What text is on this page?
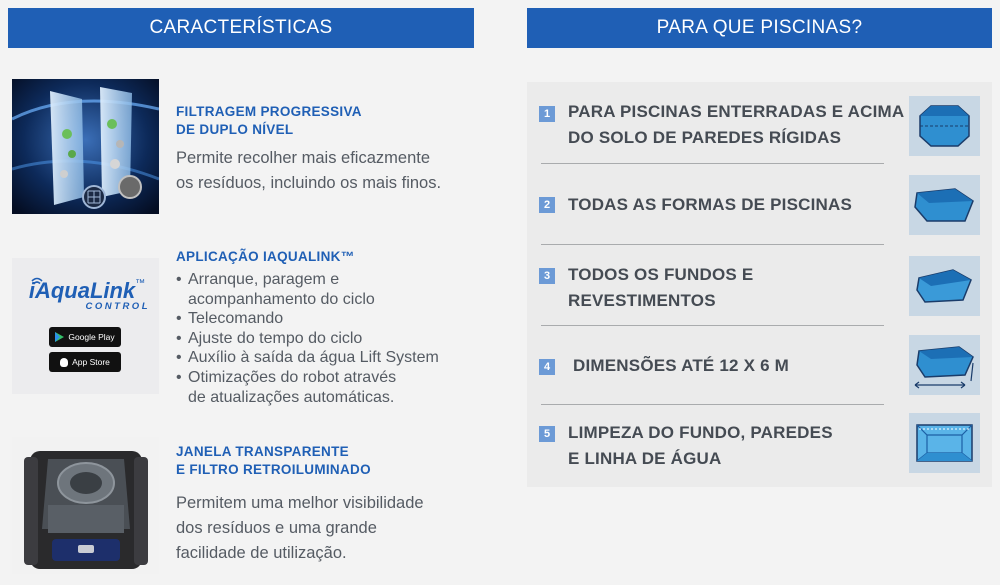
CARACTERÍSTICAS	PARA QUE PISCINAS?
FILTRAGEM PROGRESSIVA
DE DUPLO NÍVEL
Permite recolher mais eficazmente
os resíduos, incluindo os mais finos.
iAquaLink™
CONTROL
Google Play
App Store
APLICAÇÃO IAQUALINK™
• Arranque, paragem e
acompanhamento do ciclo
• Telecomando
• Ajuste do tempo do ciclo
• Auxílio à saída da água Lift System
• Otimizações do robot através
de atualizações automáticas.
JANELA TRANSPARENTE
E FILTRO RETROILUMINADO
Permitem uma melhor visibilidade
dos resíduos e uma grande
facilidade de utilização.
1 PARA PISCINAS ENTERRADAS E ACIMA
DO SOLO DE PAREDES RÍGIDAS
2 TODAS AS FORMAS DE PISCINAS
3 TODOS OS FUNDOS E
REVESTIMENTOS
4 DIMENSÕES ATÉ 12 X 6 M
5 LIMPEZA DO FUNDO, PAREDES
E LINHA DE ÁGUA
